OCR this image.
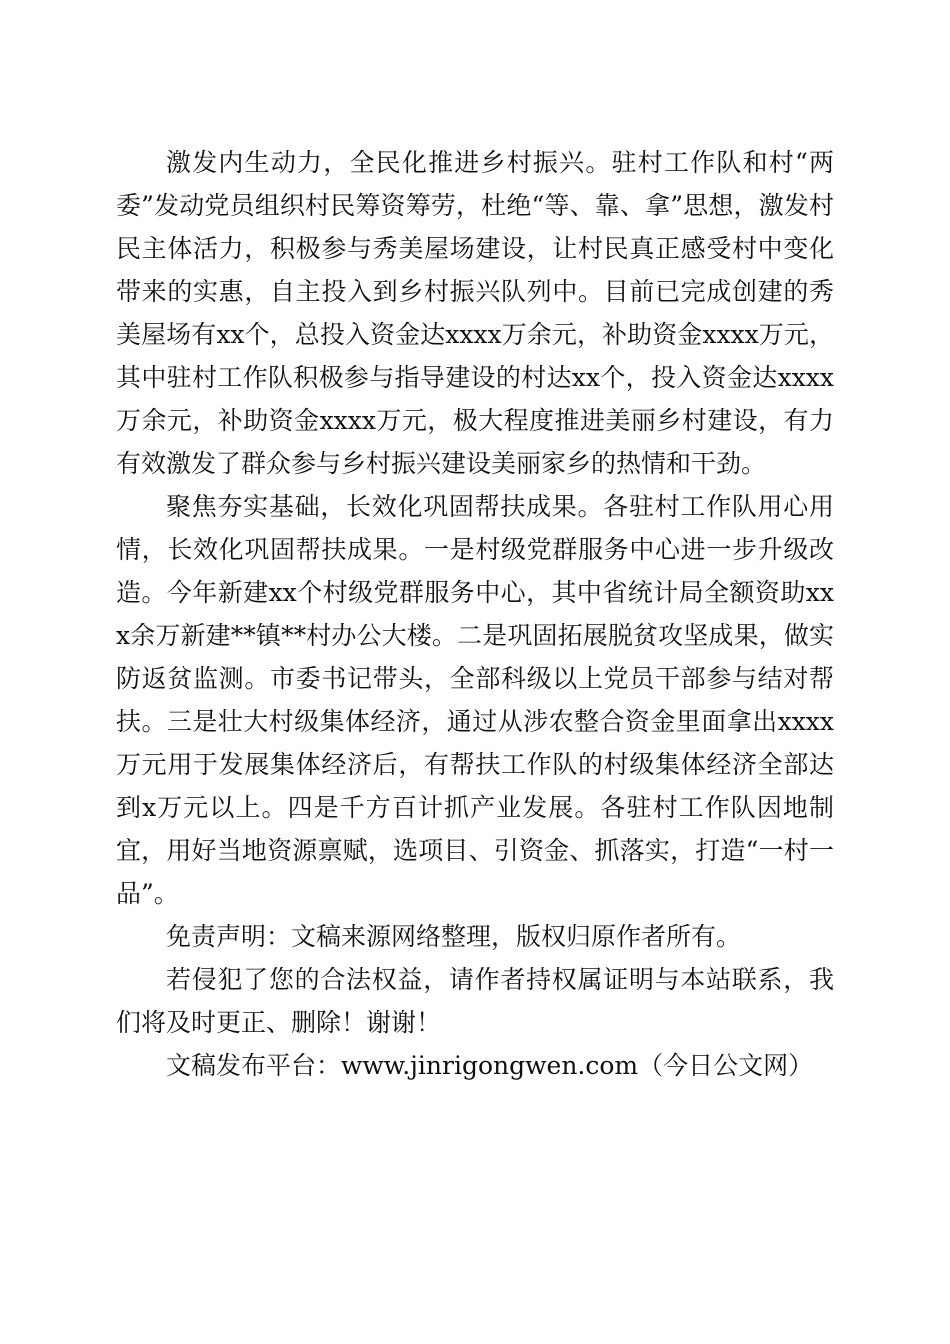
激发内生动力，全民化推进乡村振兴。驻村工作队和村“两委”发动党员组织村民筹资筹劳，杜绝“等、靠、拿”思想，激发村民主体活力，积极参与秀美屋场建设，让村民真正感受村中变化带来的实惠，自主投入到乡村振兴队列中。目前已完成创建的秀美屋场有xx个，总投入资金达xxxx万余元，补助资金xxxx万元，其中驻村工作队积极参与指导建设的村达xx个，投入资金达xxxx万余元，补助资金xxxx万元，极大程度推进美丽乡村建设，有力有效激发了群众参与乡村振兴建设美丽家乡的热情和干劲。

聚焦夯实基础，长效化巩固帮扶成果。各驻村工作队用心用情，长效化巩固帮扶成果。一是村级党群服务中心进一步升级改造。今年新建xx个村级党群服务中心，其中省统计局全额资助xxx余万新建**镇**村办公大楼。二是巩固拓展脱贫攻坚成果，做实防返贫监测。市委书记带头，全部科级以上党员干部参与结对帮扶。三是壮大村级集体经济，通过从涉农整合资金里面拿出xxxx万元用于发展集体经济后，有帮扶工作队的村级集体经济全部达到x万元以上。四是千方百计抓产业发展。各驻村工作队因地制宜，用好当地资源禀赋，选项目、引资金、抓落实，打造“一村一品”。

免责声明：文稿来源网络整理，版权归原作者所有。

若侵犯了您的合法权益，请作者持权属证明与本站联系，我们将及时更正、删除！谢谢！

文稿发布平台：www.jinrigongwen.com（今日公文网）
